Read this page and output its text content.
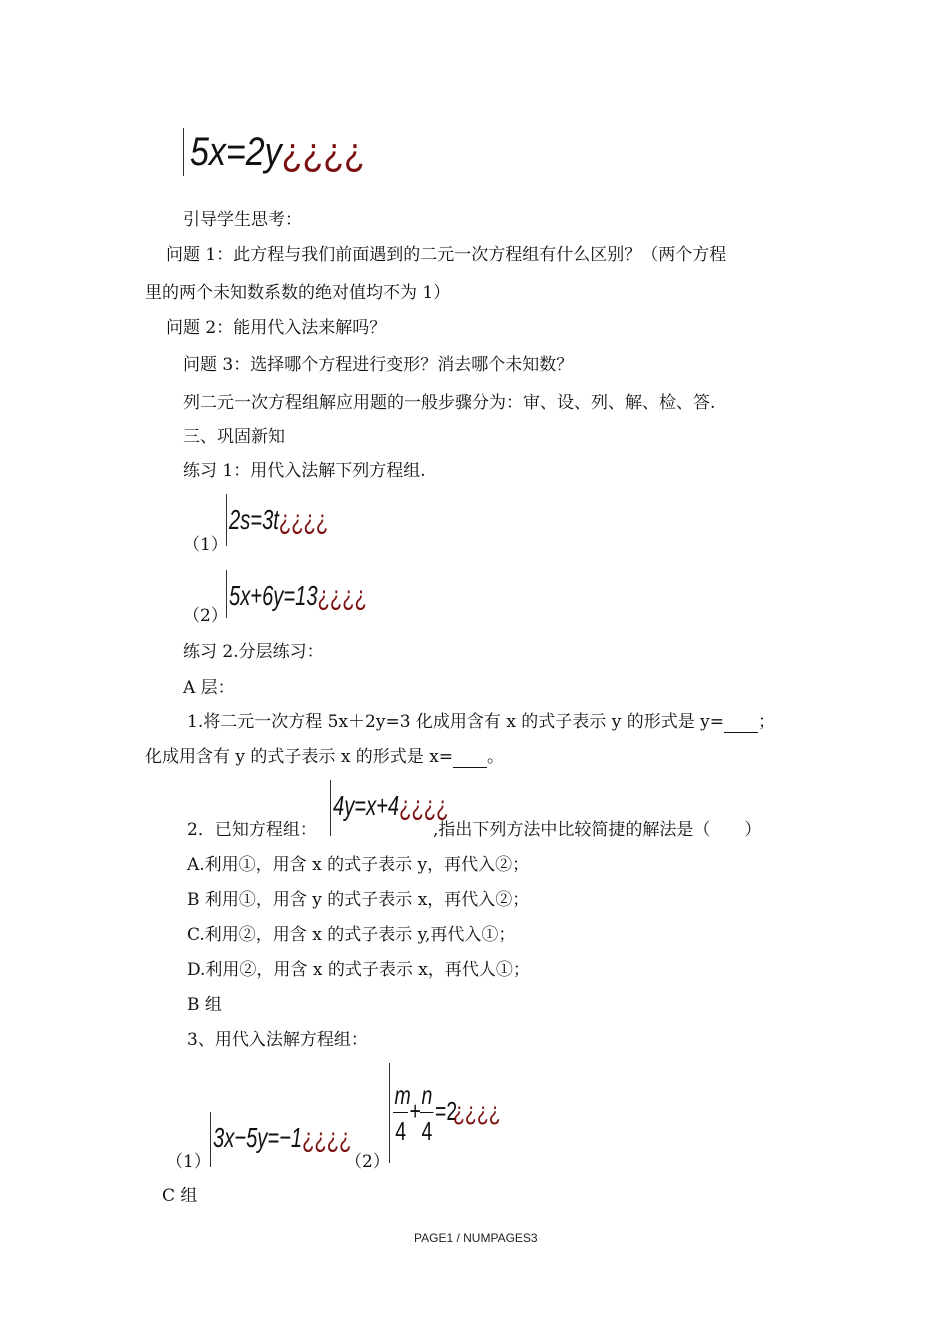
5x=2y¿¿¿¿
引导学生思考：
问题 1：此方程与我们前面遇到的二元一次方程组有什么区别？（两个方程
里的两个未知数系数的绝对值均不为 1）
问题 2：能用代入法来解吗？
问题 3：选择哪个方程进行变形？消去哪个未知数？
列二元一次方程组解应用题的一般步骤分为：审、设、列、解、检、答.
三、巩固新知
练习 1：用代入法解下列方程组.
2s=3t¿¿¿¿
（1）
5x+6y=13¿¿¿¿
（2）
练习 2.分层练习：
A 层：
1.将二元一次方程 5x＋2y=3 化成用含有 x 的式子表示 y 的形式是 y= ；
化成用含有 y 的式子表示 x 的形式是 x= 。
2．已知方程组：
4y=x+4¿¿¿¿
,指出下列方法中比较简捷的解法是（　　）
A.利用①，用含 x 的式子表示 y，再代入②；
B 利用①，用含 y 的式子表示 x，再代入②；
C.利用②，用含 x 的式子表示 y,再代入①；
D.利用②，用含 x 的式子表示 x，再代人①；
B 组
3、用代入法解方程组：
（1）
3x−5y=−1¿¿¿¿
（2）
m
4
+
n
4
=2
¿¿¿¿
C 组
PAGE1 / NUMPAGES3
